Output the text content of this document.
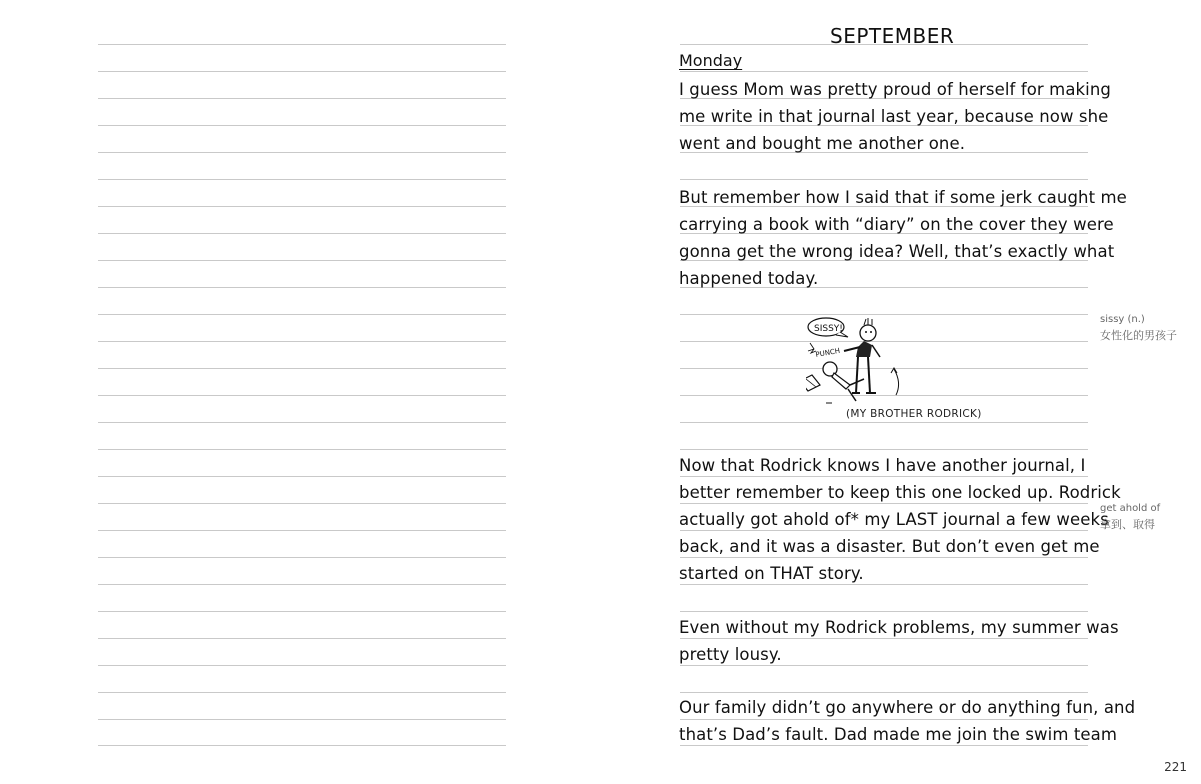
SEPTEMBER
Monday
I guess Mom was pretty proud of herself for making
me write in that journal last year, because now she
went and bought me another one.
But remember how I said that if some jerk caught me
carrying a book with “diary” on the cover they were
gonna get the wrong idea? Well, that’s exactly what
happened today.
SISSY!
PUNCH
(MY BROTHER RODRICK)
Now that Rodrick knows I have another journal, I
better remember to keep this one locked up. Rodrick
actually got ahold of* my LAST journal a few weeks
back, and it was a disaster. But don’t even get me
started on THAT story.
Even without my Rodrick problems, my summer was
pretty lousy.
Our family didn’t go anywhere or do anything fun, and
that’s Dad’s fault. Dad made me join the swim team
sissy (n.)
女性化的男孩子
get ahold of
拿到、取得
221
